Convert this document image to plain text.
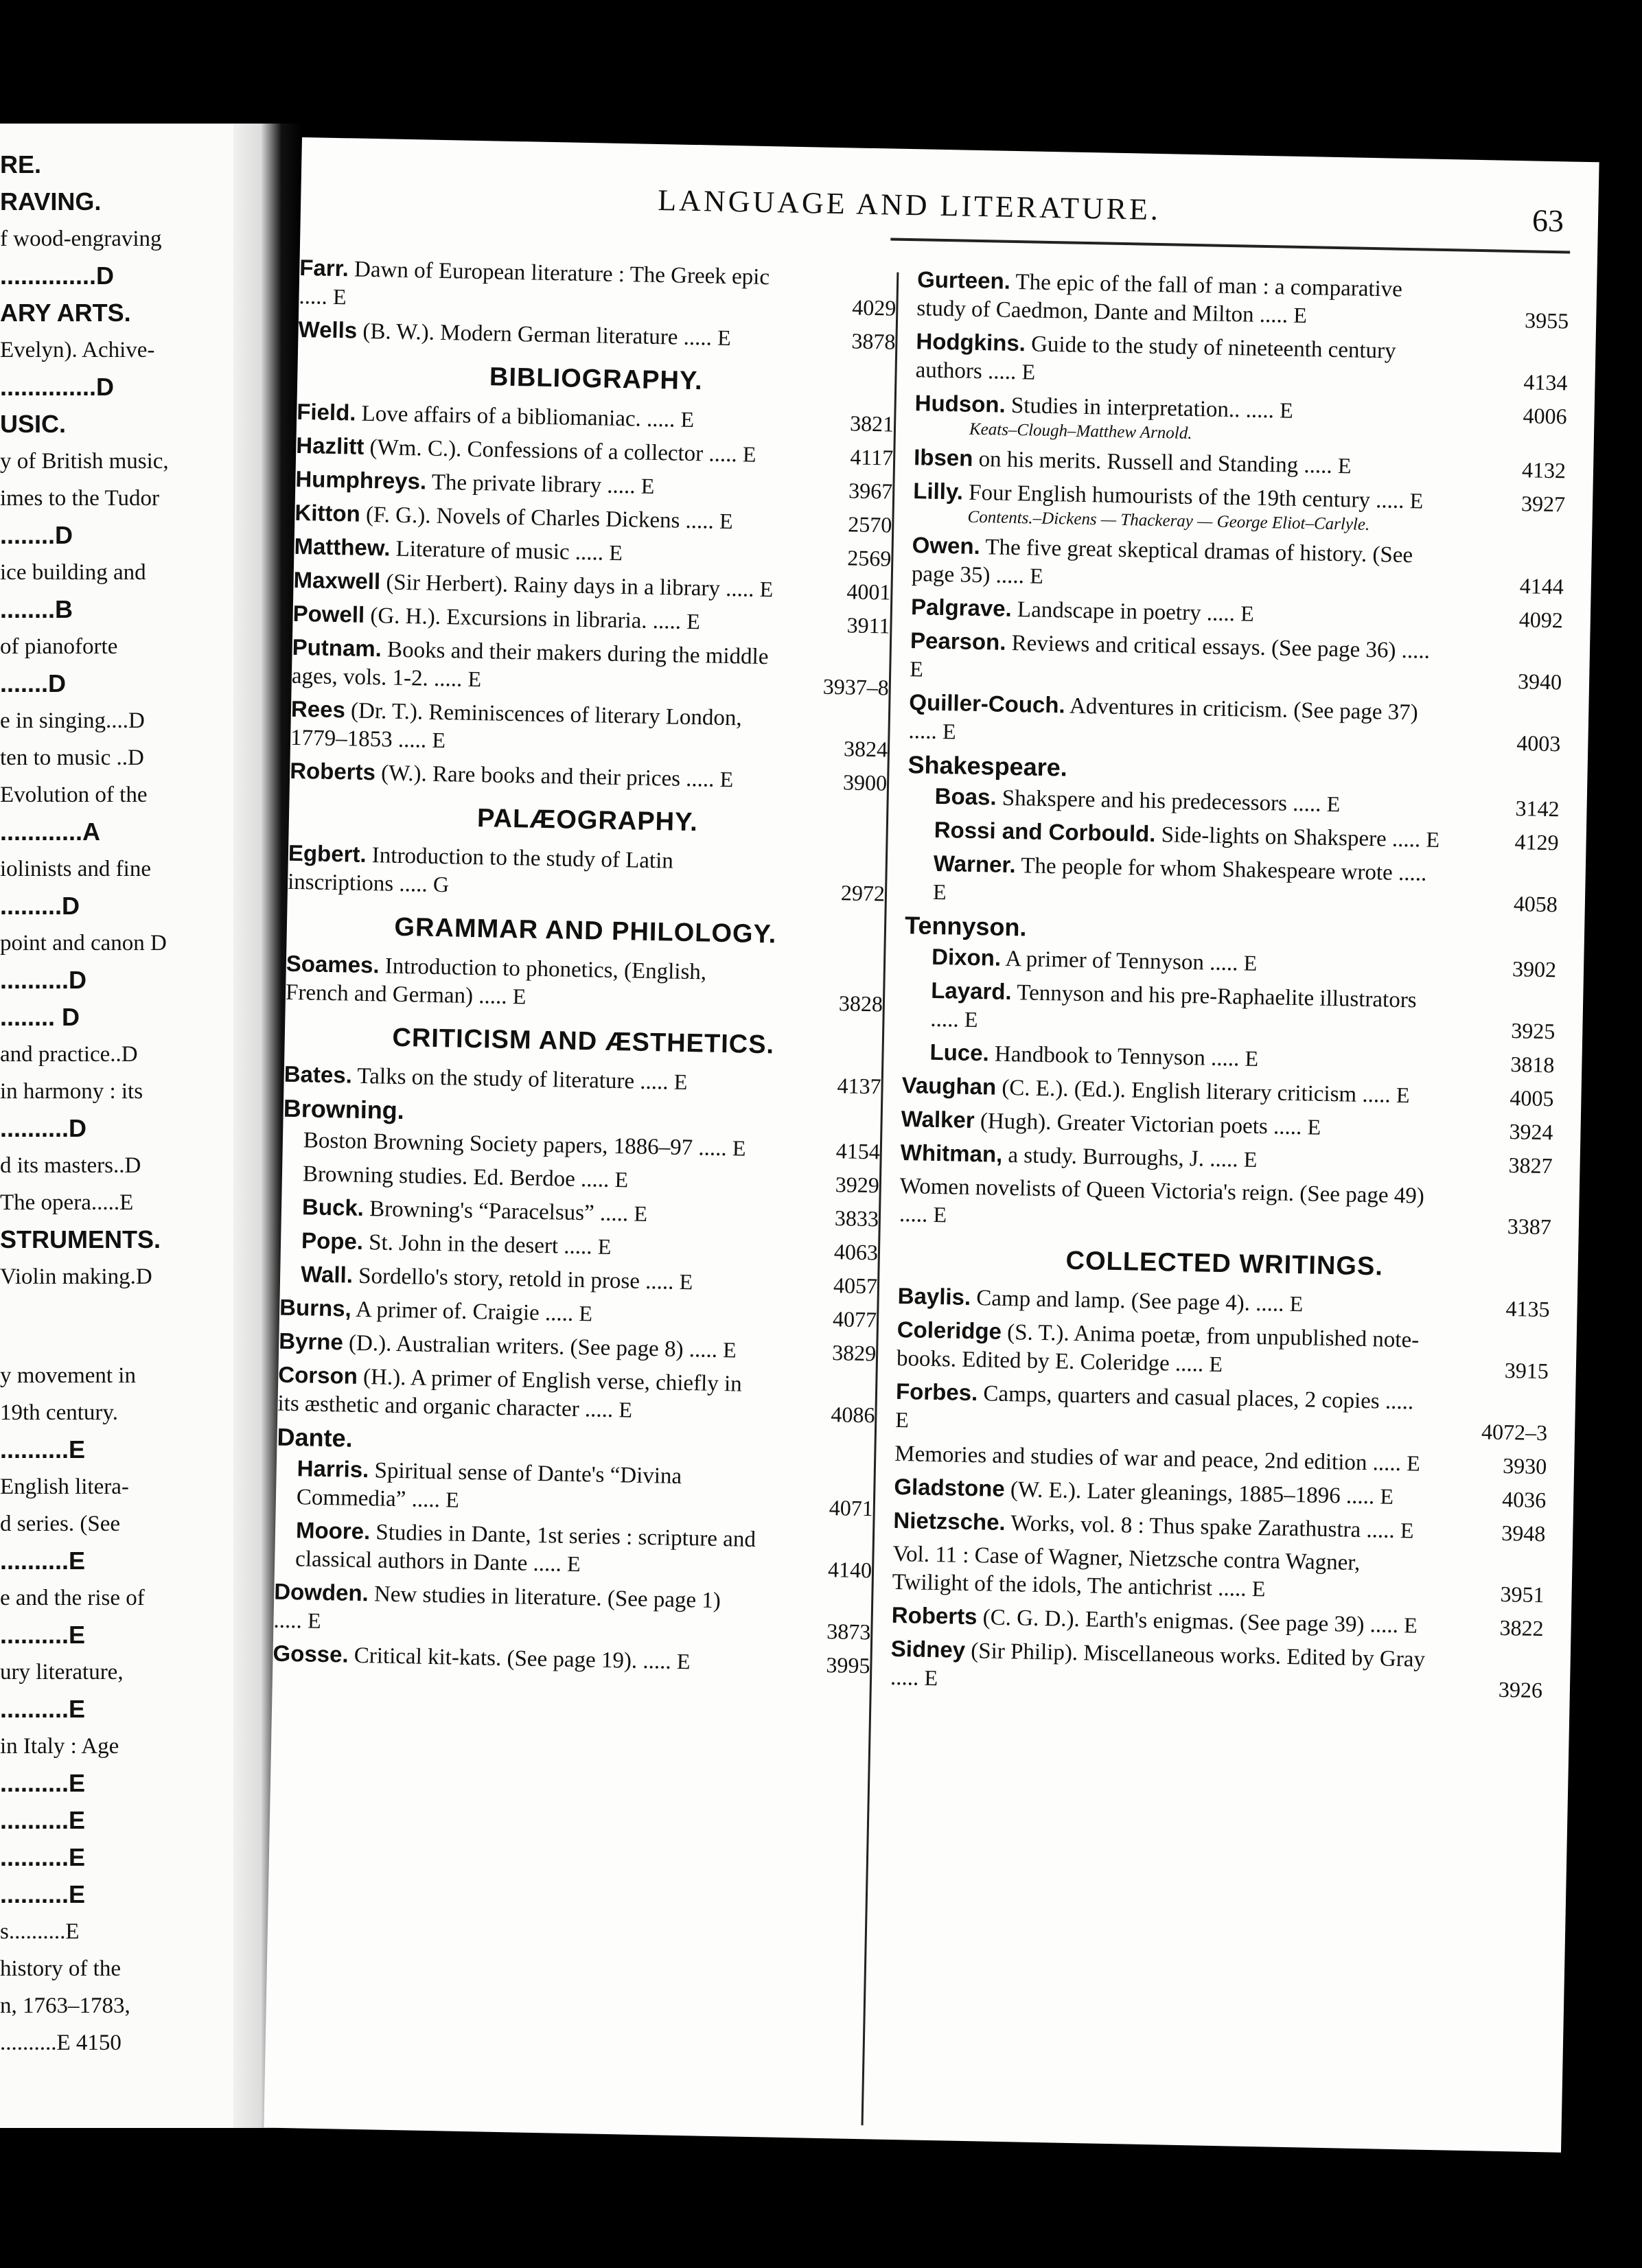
RE.

RAVING.

f wood-engraving

..............D

ARY ARTS.

Evelyn). Achive-

..............D

USIC.

y of British music,

imes to the Tudor

........D

ice building and

........B

of pianoforte

.......D

e in singing....D

ten to music ..D

Evolution of the

............A

iolinists and fine

.........D

point and canon D

..........D

........ D

and practice..D

in harmony : its

..........D

d its masters..D

The opera.....E

STRUMENTS.

Violin making.D

y movement in

19th century.

..........E

English litera-

d series. (See

..........E

e and the rise of

..........E

ury literature,

..........E

in Italy : Age

..........E

..........E

..........E

..........E

s..........E

history of the

n, 1763–1783,

..........E 4150

LANGUAGE AND LITERATURE.	63
Farr. Dawn of European literature : The Greek epic ..... E	4029
Wells (B. W.). Modern German literature ..... E	3878
BIBLIOGRAPHY.
Field. Love affairs of a bibliomaniac. ..... E	3821
Hazlitt (Wm. C.). Confessions of a collector ..... E	4117
Humphreys. The private library ..... E	3967
Kitton (F. G.). Novels of Charles Dickens ..... E	2570
Matthew. Literature of music ..... E	2569
Maxwell (Sir Herbert). Rainy days in a library ..... E	4001
Powell (G. H.). Excursions in libraria. ..... E	3911
Putnam. Books and their makers during the middle ages, vols. 1-2. ..... E	3937–8
Rees (Dr. T.). Reminiscences of literary London, 1779–1853 ..... E	3824
Roberts (W.). Rare books and their prices ..... E	3900
PALÆOGRAPHY.
Egbert. Introduction to the study of Latin inscriptions ..... G	2972
GRAMMAR AND PHILOLOGY.
Soames. Introduction to phonetics, (English, French and German) ..... E	3828
CRITICISM AND ÆSTHETICS.
Bates. Talks on the study of literature ..... E	4137
Browning.
Boston Browning Society papers, 1886–97 ..... E	4154
Browning studies. Ed. Berdoe ..... E	3929
Buck. Browning's “Paracelsus” ..... E	3833
Pope. St. John in the desert ..... E	4063
Wall. Sordello's story, retold in prose ..... E	4057
Burns, A primer of. Craigie ..... E	4077
Byrne (D.). Australian writers. (See page 8) ..... E	3829
Corson (H.). A primer of English verse, chiefly in its æsthetic and organic character ..... E	4086
Dante.
Harris. Spiritual sense of Dante's “Divina Commedia” ..... E	4071
Moore. Studies in Dante, 1st series : scripture and classical authors in Dante ..... E	4140
Dowden. New studies in literature. (See page 1) ..... E	3873
Gosse. Critical kit-kats. (See page 19). ..... E	3995
Gurteen. The epic of the fall of man : a comparative study of Caedmon, Dante and Milton ..... E	3955
Hodgkins. Guide to the study of nineteenth century authors ..... E	4134
Hudson. Studies in interpretation.. ..... E	4006
Keats–Clough–Matthew Arnold.
Ibsen on his merits. Russell and Standing ..... E	4132
Lilly. Four English humourists of the 19th century ..... E	3927
Contents.–Dickens — Thackeray — George Eliot–Carlyle.
Owen. The five great skeptical dramas of history. (See page 35) ..... E	4144
Palgrave. Landscape in poetry ..... E	4092
Pearson. Reviews and critical essays. (See page 36) ..... E	3940
Quiller-Couch. Adventures in criticism. (See page 37) ..... E	4003
Shakespeare.
Boas. Shakspere and his predecessors ..... E	3142
Rossi and Corbould. Side-lights on Shakspere ..... E	4129
Warner. The people for whom Shakespeare wrote ..... E	4058
Tennyson.
Dixon. A primer of Tennyson ..... E	3902
Layard. Tennyson and his pre-Raphaelite illustrators ..... E	3925
Luce. Handbook to Tennyson ..... E	3818
Vaughan (C. E.). (Ed.). English literary criticism ..... E	4005
Walker (Hugh). Greater Victorian poets ..... E	3924
Whitman, a study. Burroughs, J. ..... E	3827
Women novelists of Queen Victoria's reign. (See page 49) ..... E	3387
COLLECTED WRITINGS.
Baylis. Camp and lamp. (See page 4). ..... E	4135
Coleridge (S. T.). Anima poetæ, from unpublished note-books. Edited by E. Coleridge ..... E	3915
Forbes. Camps, quarters and casual places, 2 copies ..... E	4072–3
Memories and studies of war and peace, 2nd edition ..... E	3930
Gladstone (W. E.). Later gleanings, 1885–1896 ..... E	4036
Nietzsche. Works, vol. 8 : Thus spake Zarathustra ..... E	3948
Vol. 11 : Case of Wagner, Nietzsche contra Wagner, Twilight of the idols, The antichrist ..... E	3951
Roberts (C. G. D.). Earth's enigmas. (See page 39) ..... E	3822
Sidney (Sir Philip). Miscellaneous works. Edited by Gray ..... E	3926
